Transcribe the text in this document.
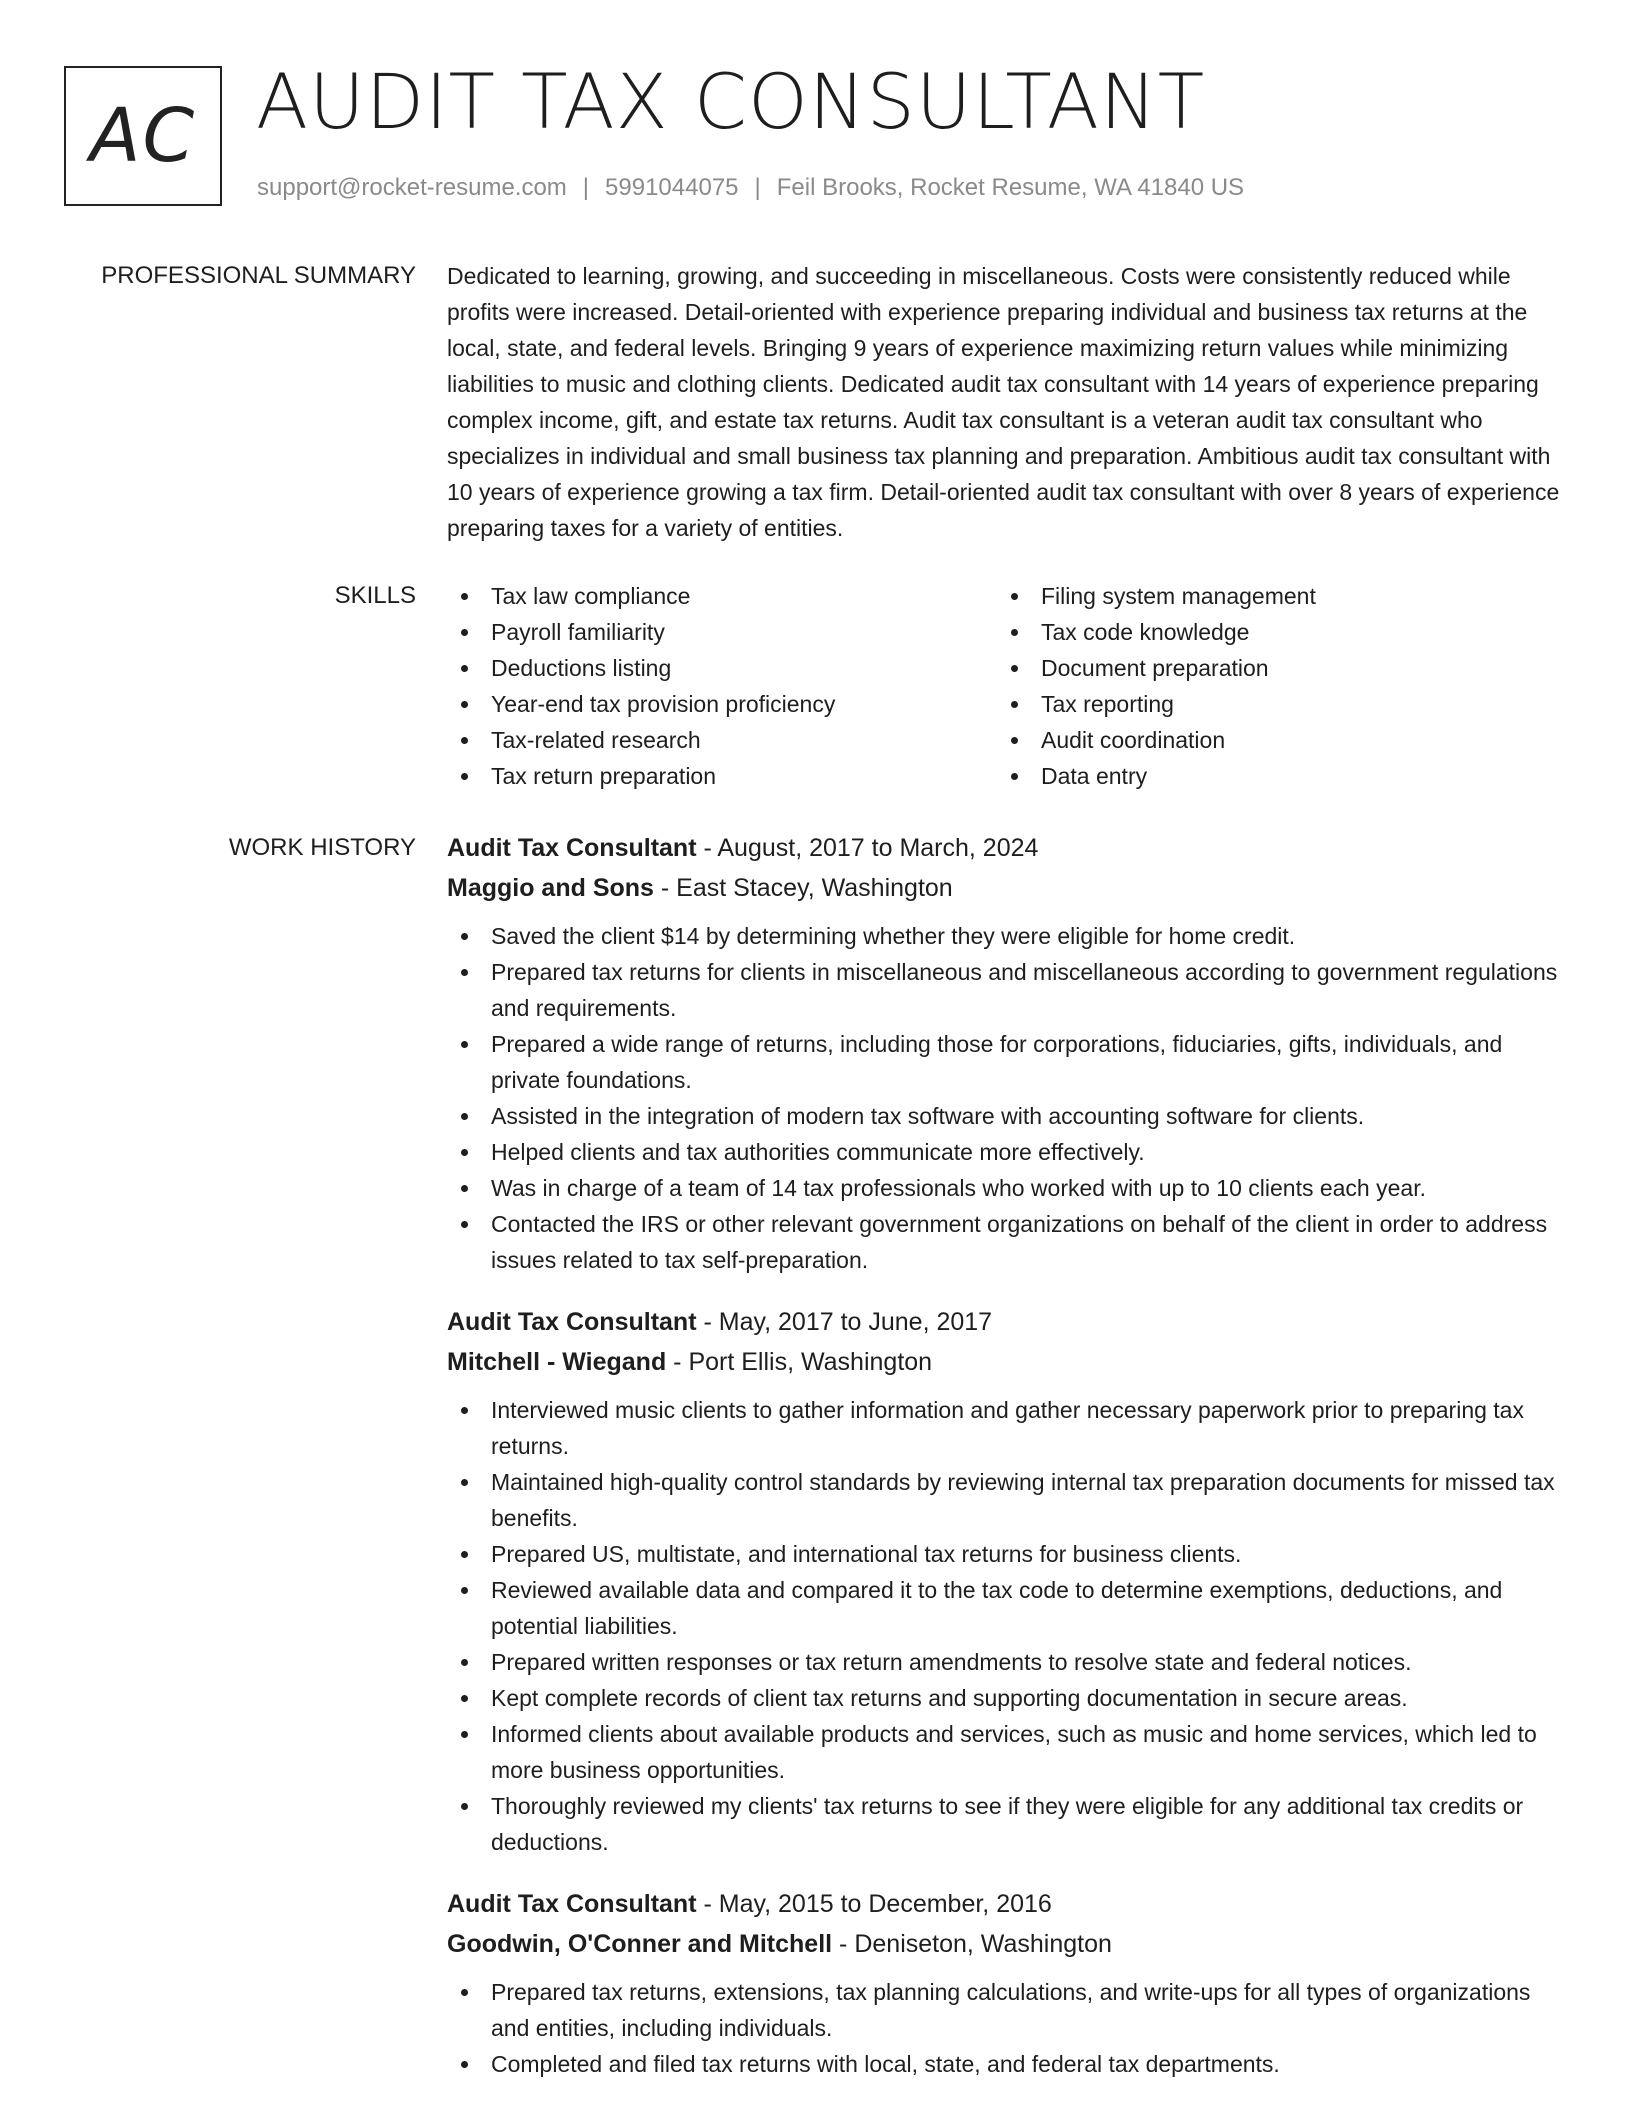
AC AUDIT TAX CONSULTANT
support@rocket-resume.com | 5991044075 | Feil Brooks, Rocket Resume, WA 41840 US
PROFESSIONAL SUMMARY Dedicated to learning, growing, and succeeding in miscellaneous. Costs were consistently reduced while profits were increased. Detail-oriented with experience preparing individual and business tax returns at the local, state, and federal levels. Bringing 9 years of experience maximizing return values while minimizing liabilities to music and clothing clients. Dedicated audit tax consultant with 14 years of experience preparing complex income, gift, and estate tax returns. Audit tax consultant is a veteran audit tax consultant who specializes in individual and small business tax planning and preparation. Ambitious audit tax consultant with 10 years of experience growing a tax firm. Detail-oriented audit tax consultant with over 8 years of experience preparing taxes for a variety of entities.
SKILLS	Tax law compliance
Payroll familiarity
Deductions listing
Year-end tax provision proficiency
Tax-related research
Tax return preparation
Filing system management
Tax code knowledge
Document preparation
Tax reporting
Audit coordination
Data entry
WORK HISTORY Audit Tax Consultant - August, 2017 to March, 2024
Maggio and Sons - East Stacey, Washington
Saved the client $14 by determining whether they were eligible for home credit.
Prepared tax returns for clients in miscellaneous and miscellaneous according to government regulations and requirements.
Prepared a wide range of returns, including those for corporations, fiduciaries, gifts, individuals, and private foundations.
Assisted in the integration of modern tax software with accounting software for clients.
Helped clients and tax authorities communicate more effectively.
Was in charge of a team of 14 tax professionals who worked with up to 10 clients each year.
Contacted the IRS or other relevant government organizations on behalf of the client in order to address issues related to tax self-preparation.
Audit Tax Consultant - May, 2017 to June, 2017
Mitchell - Wiegand - Port Ellis, Washington
Interviewed music clients to gather information and gather necessary paperwork prior to preparing tax returns.
Maintained high-quality control standards by reviewing internal tax preparation documents for missed tax benefits.
Prepared US, multistate, and international tax returns for business clients.
Reviewed available data and compared it to the tax code to determine exemptions, deductions, and potential liabilities.
Prepared written responses or tax return amendments to resolve state and federal notices.
Kept complete records of client tax returns and supporting documentation in secure areas.
Informed clients about available products and services, such as music and home services, which led to more business opportunities.
Thoroughly reviewed my clients' tax returns to see if they were eligible for any additional tax credits or deductions.
Audit Tax Consultant - May, 2015 to December, 2016
Goodwin, O'Conner and Mitchell - Deniseton, Washington
Prepared tax returns, extensions, tax planning calculations, and write-ups for all types of organizations and entities, including individuals.
Completed and filed tax returns with local, state, and federal tax departments.
